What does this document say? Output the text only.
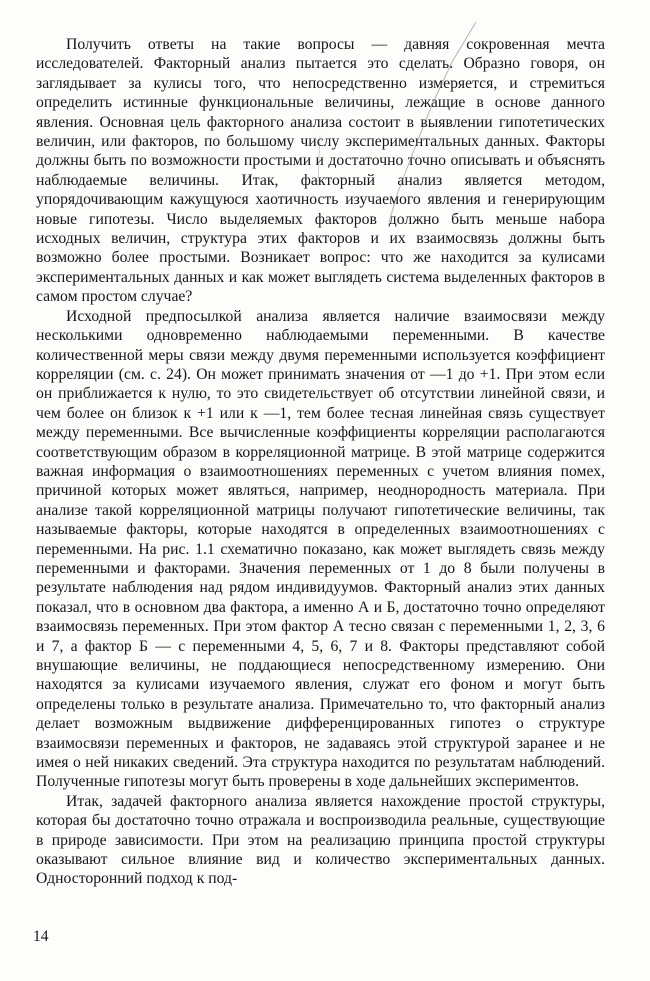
Получить ответы на такие вопросы — давняя сокровенная мечта исследователей. Факторный анализ пытается это сделать. Образно говоря, он заглядывает за кулисы того, что непосредственно измеряется, и стремиться определить истинные функциональные величины, лежащие в основе данного явления. Основная цель факторного анализа состоит в выявлении гипотетических величин, или факторов, по большому числу экспериментальных данных. Факторы должны быть по возможности простыми и достаточно точно описывать и объяснять наблюдаемые величины. Итак, факторный анализ является методом, упорядочивающим кажущуюся хаотичность изучаемого явления и генерирующим новые гипотезы. Число выделяемых факторов должно быть меньше набора исходных величин, структура этих факторов и их взаимосвязь должны быть возможно более простыми. Возникает вопрос: что же находится за кулисами экспериментальных данных и как может выглядеть система выделенных факторов в самом простом случае?

Исходной предпосылкой анализа является наличие взаимосвязи между несколькими одновременно наблюдаемыми переменными. В качестве количественной меры связи между двумя переменными используется коэффициент корреляции (см. с. 24). Он может принимать значения от —1 до +1. При этом если он приближается к нулю, то это свидетельствует об отсутствии линейной связи, и чем более он близок к +1 или к —1, тем более тесная линейная связь существует между переменными. Все вычисленные коэффициенты корреляции располагаются соответствующим образом в корреляционной матрице. В этой матрице содержится важная информация о взаимоотношениях переменных с учетом влияния помех, причиной которых может являться, например, неоднородность материала. При анализе такой корреляционной матрицы получают гипотетические величины, так называемые факторы, которые находятся в определенных взаимоотношениях с переменными. На рис. 1.1 схематично показано, как может выглядеть связь между переменными и факторами. Значения переменных от 1 до 8 были получены в результате наблюдения над рядом индивидуумов. Факторный анализ этих данных показал, что в основном два фактора, а именно А и Б, достаточно точно определяют взаимосвязь переменных. При этом фактор А тесно связан с переменными 1, 2, 3, 6 и 7, а фактор Б — с переменными 4, 5, 6, 7 и 8. Факторы представляют собой внушающие величины, не поддающиеся непосредственному измерению. Они находятся за кулисами изучаемого явления, служат его фоном и могут быть определены только в результате анализа. Примечательно то, что факторный анализ делает возможным выдвижение дифференцированных гипотез о структуре взаимосвязи переменных и факторов, не задаваясь этой структурой заранее и не имея о ней никаких сведений. Эта структура находится по результатам наблюдений. Полученные гипотезы могут быть проверены в ходе дальнейших экспериментов.

Итак, задачей факторного анализа является нахождение простой структуры, которая бы достаточно точно отражала и воспроизводила реальные, существующие в природе зависимости. При этом на реализацию принципа простой структуры оказывают сильное влияние вид и количество экспериментальных данных. Односторонний подход к под-

14
